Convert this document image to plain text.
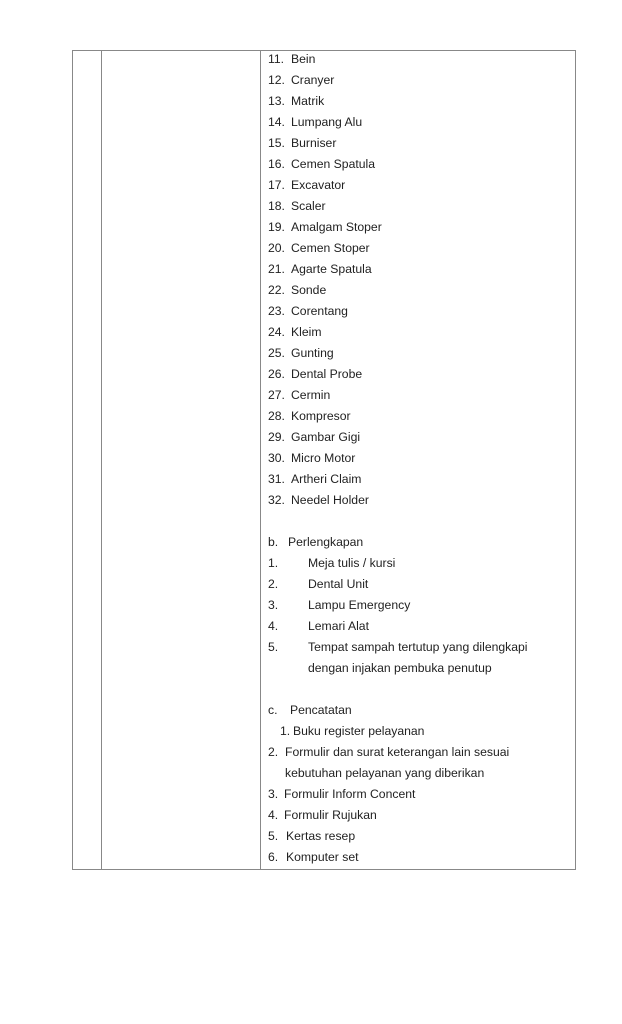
11. Bein
12. Cranyer
13. Matrik
14. Lumpang Alu
15. Burniser
16. Cemen Spatula
17. Excavator
18. Scaler
19. Amalgam Stoper
20. Cemen Stoper
21. Agarte Spatula
22. Sonde
23. Corentang
24. Kleim
25. Gunting
26. Dental Probe
27. Cermin
28. Kompresor
29. Gambar Gigi
30. Micro Motor
31. Artheri Claim
32. Needel Holder
b. Perlengkapan
1. Meja tulis / kursi
2. Dental Unit
3. Lampu Emergency
4. Lemari Alat
5. Tempat sampah tertutup yang dilengkapi
dengan injakan pembuka penutup
c. Pencatatan
1. Buku register pelayanan
2. Formulir dan surat keterangan lain sesuai
kebutuhan pelayanan yang diberikan
3. Formulir Inform Concent
4. Formulir Rujukan
5. Kertas resep
6. Komputer set
